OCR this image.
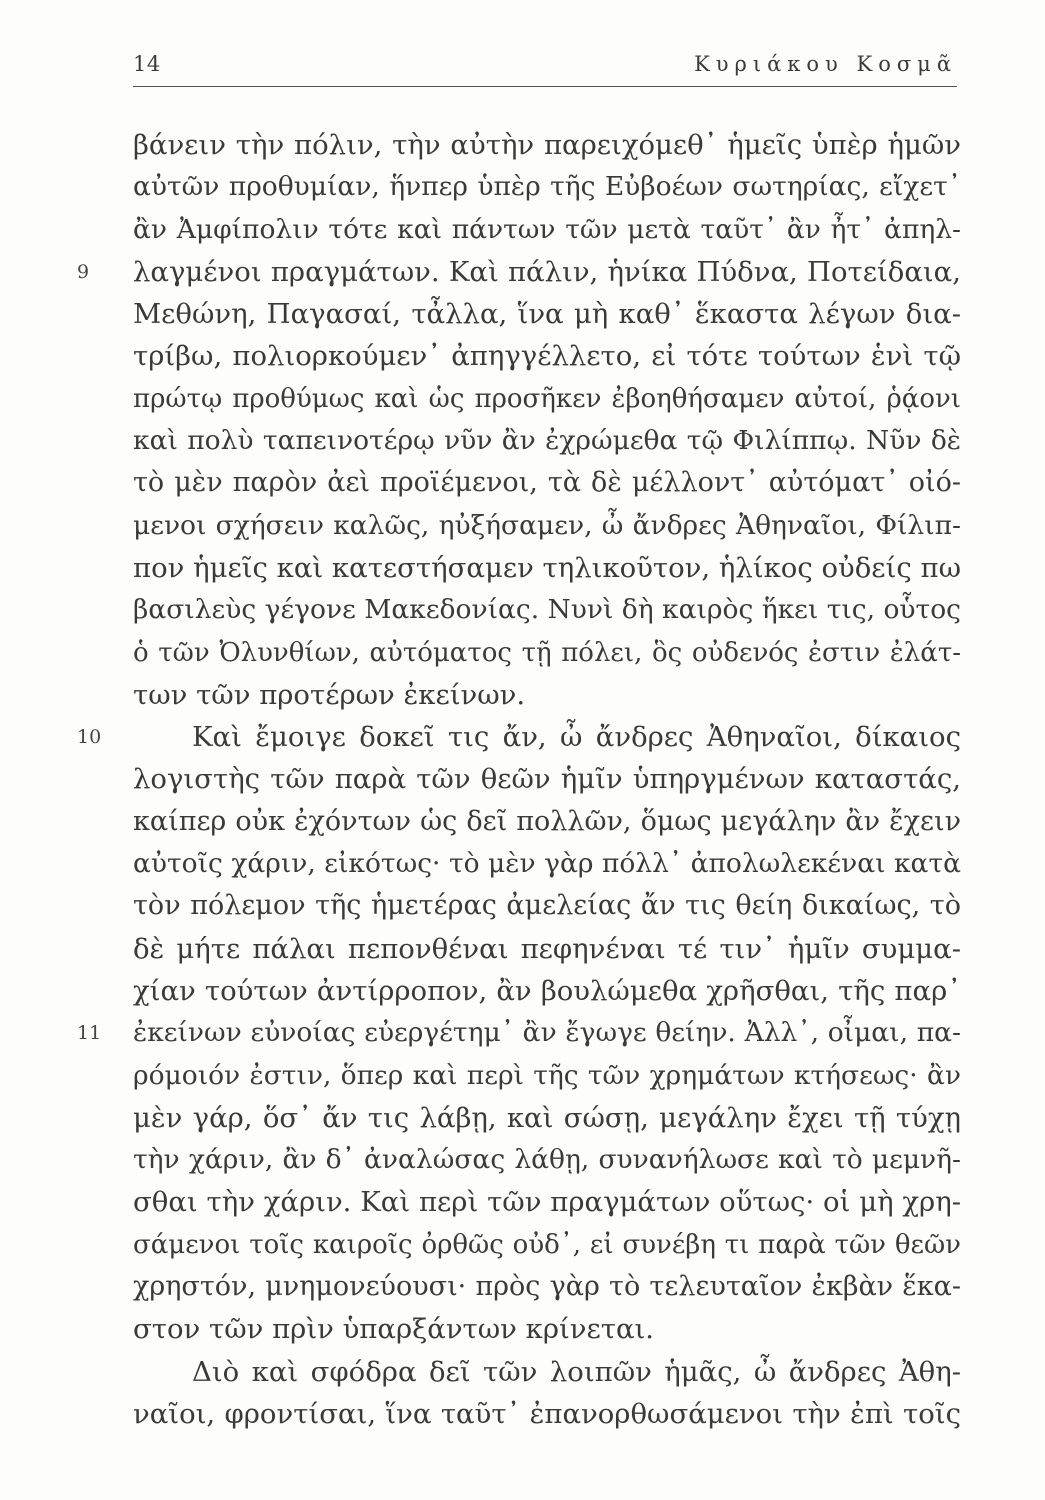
14	Κυριάκου Κοσμᾶ
βάνειν τὴν πόλιν, τὴν αὐτὴν παρειχόμεθ᾽ ἡμεῖς ὑπὲρ ἡμῶν
αὐτῶν προθυμίαν, ἥνπερ ὑπὲρ τῆς Εὐβοέων σωτηρίας, εἴχετ᾽
ἂν Ἀμφίπολιν τότε καὶ πάντων τῶν μετὰ ταῦτ᾽ ἂν ἦτ᾽ ἀπηλ-
9	λαγμένοι πραγμάτων. Καὶ πάλιν, ἡνίκα Πύδνα, Ποτείδαια,
Μεθώνη, Παγασαί, τἆλλα, ἵνα μὴ καθ᾽ ἕκαστα λέγων δια-
τρίβω, πολιορκούμεν᾽ ἀπηγγέλλετο, εἰ τότε τούτων ἑνὶ τῷ
πρώτῳ προθύμως καὶ ὡς προσῆκεν ἐβοηθήσαμεν αὐτοί, ῥᾴονι
καὶ πολὺ ταπεινοτέρῳ νῦν ἂν ἐχρώμεθα τῷ Φιλίππῳ. Νῦν δὲ
τὸ μὲν παρὸν ἀεὶ προϊέμενοι, τὰ δὲ μέλλοντ᾽ αὐτόματ᾽ οἰό-
μενοι σχήσειν καλῶς, ηὐξήσαμεν, ὦ ἄνδρες Ἀθηναῖοι, Φίλιπ-
πον ἡμεῖς καὶ κατεστήσαμεν τηλικοῦτον, ἡλίκος οὐδείς πω
βασιλεὺς γέγονε Μακεδονίας. Νυνὶ δὴ καιρὸς ἥκει τις, οὗτος
ὁ τῶν Ὀλυνθίων, αὐτόματος τῇ πόλει, ὃς οὐδενός ἐστιν ἐλάτ-
των τῶν προτέρων ἐκείνων.
10	Καὶ ἔμοιγε δοκεῖ τις ἄν, ὦ ἄνδρες Ἀθηναῖοι, δίκαιος
λογιστὴς τῶν παρὰ τῶν θεῶν ἡμῖν ὑπηργμένων καταστάς,
καίπερ οὐκ ἐχόντων ὡς δεῖ πολλῶν, ὅμως μεγάλην ἂν ἔχειν
αὐτοῖς χάριν, εἰκότως· τὸ μὲν γὰρ πόλλ᾽ ἀπολωλεκέναι κατὰ
τὸν πόλεμον τῆς ἡμετέρας ἀμελείας ἄν τις θείη δικαίως, τὸ
δὲ μήτε πάλαι πεπονθέναι πεφηνέναι τέ τιν᾽ ἡμῖν συμμα-
χίαν τούτων ἀντίρροπον, ἂν βουλώμεθα χρῆσθαι, τῆς παρ᾽
11	ἐκείνων εὐνοίας εὐεργέτημ᾽ ἂν ἔγωγε θείην. Ἀλλ᾽, οἶμαι, πα-
ρόμοιόν ἐστιν, ὅπερ καὶ περὶ τῆς τῶν χρημάτων κτήσεως· ἂν
μὲν γάρ, ὅσ᾽ ἄν τις λάβῃ, καὶ σώσῃ, μεγάλην ἔχει τῇ τύχῃ
τὴν χάριν, ἂν δ᾽ ἀναλώσας λάθῃ, συνανήλωσε καὶ τὸ μεμνῆ-
σθαι τὴν χάριν. Καὶ περὶ τῶν πραγμάτων οὕτως· οἱ μὴ χρη-
σάμενοι τοῖς καιροῖς ὀρθῶς οὐδ᾽, εἰ συνέβη τι παρὰ τῶν θεῶν
χρηστόν, μνημονεύουσι· πρὸς γὰρ τὸ τελευταῖον ἐκβὰν ἕκα-
στον τῶν πρὶν ὑπαρξάντων κρίνεται.
Διὸ καὶ σφόδρα δεῖ τῶν λοιπῶν ἡμᾶς, ὦ ἄνδρες Ἀθη-
ναῖοι, φροντίσαι, ἵνα ταῦτ᾽ ἐπανορθωσάμενοι τὴν ἐπὶ τοῖς
